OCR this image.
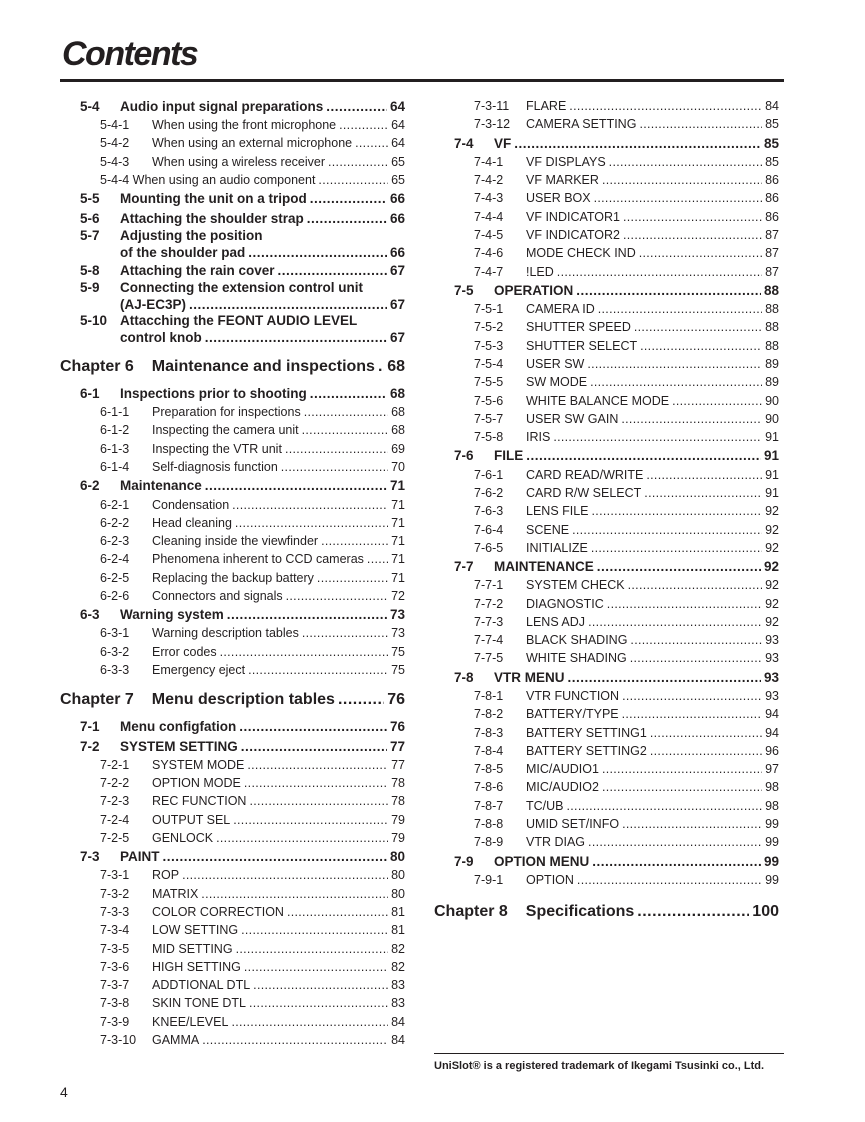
Contents
5-4	Audio input signal preparations .....	64
5-4-1	When using the front microphone .....	64
5-4-2	When using an external microphone .....	64
5-4-3	When using a wireless receiver .....	65
5-4-4 When using an audio component .....	65
5-5	Mounting the unit on a tripod .....	66
5-6	Attaching the shoulder strap .....	66
5-7	Adjusting the position
of the shoulder pad .....	66
5-8	Attaching the rain cover .....	67
5-9	Connecting the extension control unit
(AJ-EC3P) .....	67
5-10 Attacching the FEONT AUDIO LEVEL
control knob .....	67
Chapter 6 Maintenance and inspections ..... 68
6-1	Inspections prior to shooting .....	68
6-1-1	Preparation for inspections .....	68
6-1-2	Inspecting the camera unit .....	68
6-1-3	Inspecting the VTR unit .....	69
6-1-4	Self-diagnosis function .....	70
6-2	Maintenance .....	71
6-2-1	Condensation .....	71
6-2-2	Head cleaning .....	71
6-2-3	Cleaning inside the viewfinder .....	71
6-2-4	Phenomena inherent to CCD cameras ..... 71
6-2-5	Replacing the backup battery .....	71
6-2-6	Connectors and signals .....	72
6-3	Warning system .....	73
6-3-1	Warning description tables .....	73
6-3-2	Error codes .....	75
6-3-3	Emergency eject .....	75
Chapter 7 Menu description tables .....	76
7-1	Menu configfation .....	76
7-2	SYSTEM SETTING .....	77
7-2-1	SYSTEM MODE .....	77
7-2-2	OPTION MODE .....	78
7-2-3	REC FUNCTION .....	78
7-2-4	OUTPUT SEL .....	79
7-2-5	GENLOCK .....	79
7-3	PAINT .....	80
7-3-1	ROP .....	80
7-3-2	MATRIX .....	80
7-3-3	COLOR CORRECTION .....	81
7-3-4	LOW SETTING .....	81
7-3-5	MID SETTING .....	82
7-3-6	HIGH SETTING .....	82
7-3-7	ADDTIONAL DTL .....	83
7-3-8	SKIN TONE DTL .....	83
7-3-9	KNEE/LEVEL .....	84
7-3-10	GAMMA .....	84
7-3-11	FLARE .....	84
7-3-12	CAMERA SETTING .....	85
7-4	VF .....	85
7-4-1	VF DISPLAYS .....	85
7-4-2	VF MARKER .....	86
7-4-3	USER BOX .....	86
7-4-4	VF INDICATOR1 .....	86
7-4-5	VF INDICATOR2 .....	87
7-4-6	MODE CHECK IND .....	87
7-4-7	!LED .....	87
7-5	OPERATION .....	88
7-5-1	CAMERA ID .....	88
7-5-2	SHUTTER SPEED .....	88
7-5-3	SHUTTER SELECT .....	88
7-5-4	USER SW .....	89
7-5-5	SW MODE .....	89
7-5-6	WHITE BALANCE MODE .....	90
7-5-7	USER SW GAIN .....	90
7-5-8	IRIS .....	91
7-6	FILE .....	91
7-6-1	CARD READ/WRITE .....	91
7-6-2	CARD R/W SELECT .....	91
7-6-3	LENS FILE .....	92
7-6-4	SCENE .....	92
7-6-5	INITIALIZE .....	92
7-7	MAINTENANCE .....	92
7-7-1	SYSTEM CHECK .....	92
7-7-2	DIAGNOSTIC .....	92
7-7-3	LENS ADJ .....	92
7-7-4	BLACK SHADING .....	93
7-7-5	WHITE SHADING .....	93
7-8	VTR MENU .....	93
7-8-1	VTR FUNCTION .....	93
7-8-2	BATTERY/TYPE .....	94
7-8-3	BATTERY SETTING1 .....	94
7-8-4	BATTERY SETTING2 .....	96
7-8-5	MIC/AUDIO1 .....	97
7-8-6	MIC/AUDIO2 .....	98
7-8-7	TC/UB .....	98
7-8-8	UMID SET/INFO .....	99
7-8-9	VTR DIAG .....	99
7-9	OPTION MENU .....	99
7-9-1	OPTION .....	99
Chapter 8 Specifications .....	100
UniSlot® is a registered trademark of Ikegami Tsusinki co., Ltd.
4
